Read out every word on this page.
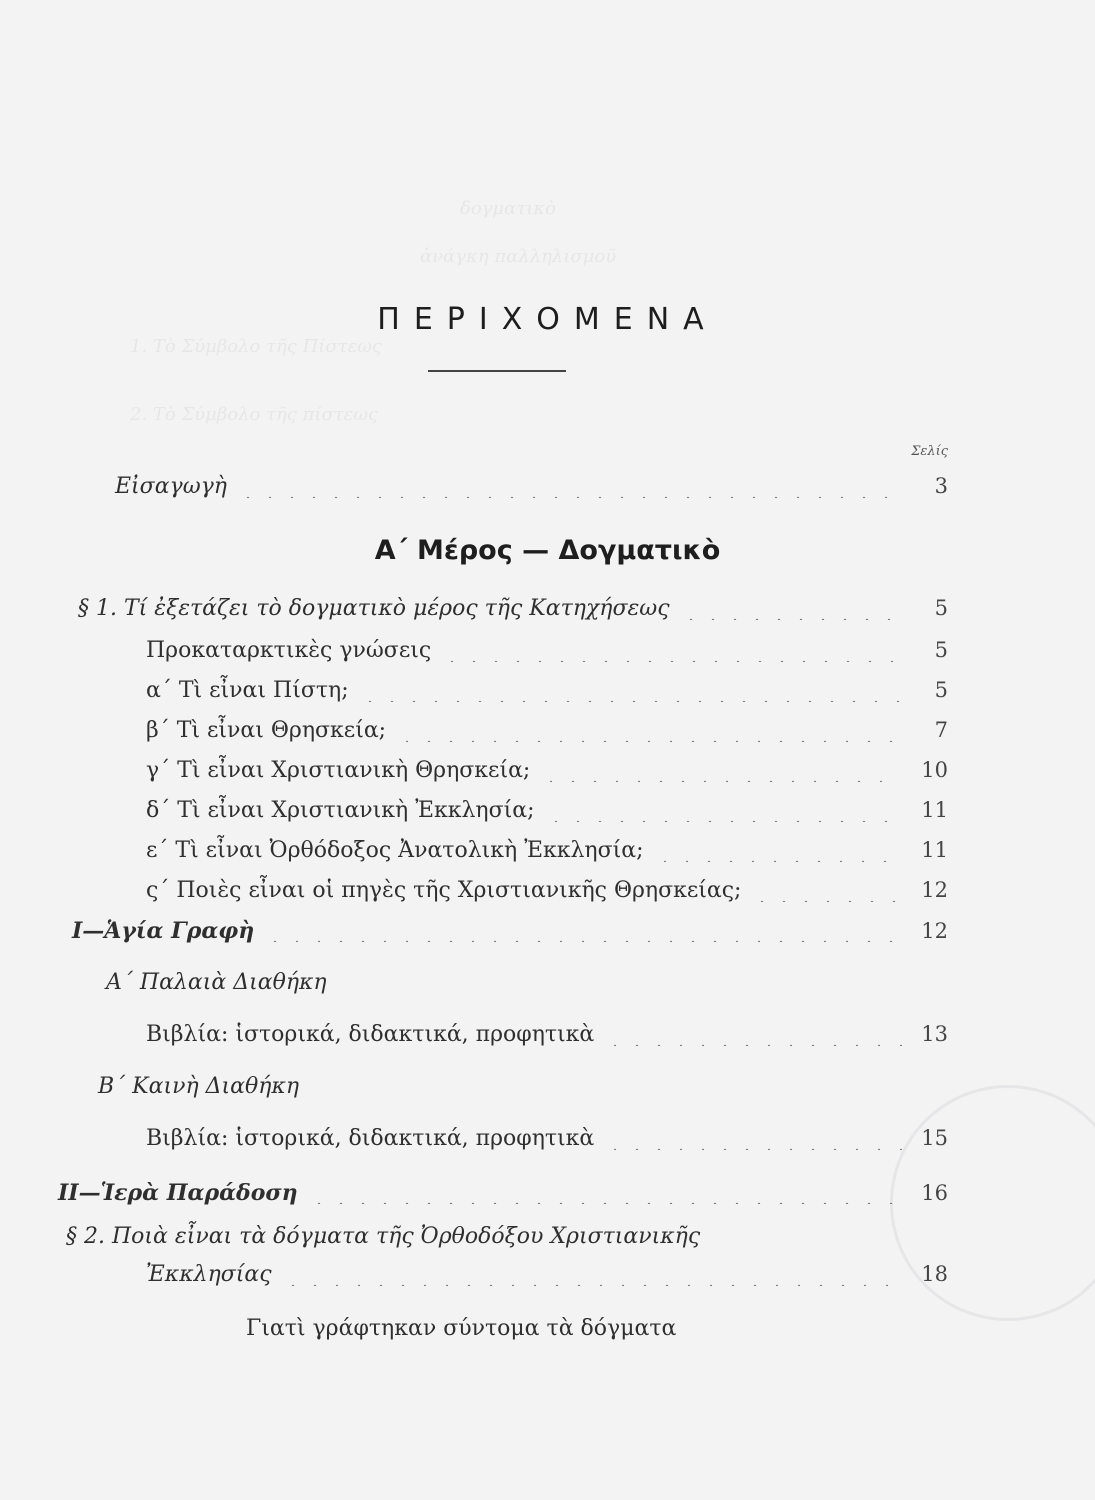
δογματικὸ
ἀνάγκη παλληλισμοῦ
1. Τὸ Σύμβολο τῆς Πίστεως
2. Τὸ Σύμβολο τῆς πίστεως
ΠΕΡΙΧΟΜΕΝΑ
Σελίς
Εἰσαγωγὴ	3
Α΄ Μέρος — Δογματικὸ
§ 1. Τί ἐξετάζει τὸ δογματικὸ μέρος τῆς Κατηχήσεως	5
Προκαταρκτικὲς γνώσεις	5
α΄ Τὶ εἶναι Πίστη;	5
β΄ Τὶ εἶναι Θρησκεία;	7
γ΄ Τὶ εἶναι Χριστιανικὴ Θρησκεία;	10
δ΄ Τὶ εἶναι Χριστιανικὴ Ἐκκλησία;	11
ε΄ Τὶ εἶναι Ὀρθόδοξος Ἀνατολικὴ Ἐκκλησία;	11
ς΄ Ποιὲς εἶναι οἱ πηγὲς τῆς Χριστιανικῆς Θρησκείας;	12
I—Ἁγία Γραφὴ	12
Α΄ Παλαιὰ Διαθήκη
Βιβλία: ἱστορικά, διδακτικά, προφητικὰ	13
Β΄ Καινὴ Διαθήκη
Βιβλία: ἱστορικά, διδακτικά, προφητικὰ	15
II—Ἱερὰ Παράδοση	16
§ 2. Ποιὰ εἶναι τὰ δόγματα τῆς Ὀρθοδόξου Χριστιανικῆς
Ἐκκλησίας	18
Γιατὶ γράφτηκαν σύντομα τὰ δόγματα
